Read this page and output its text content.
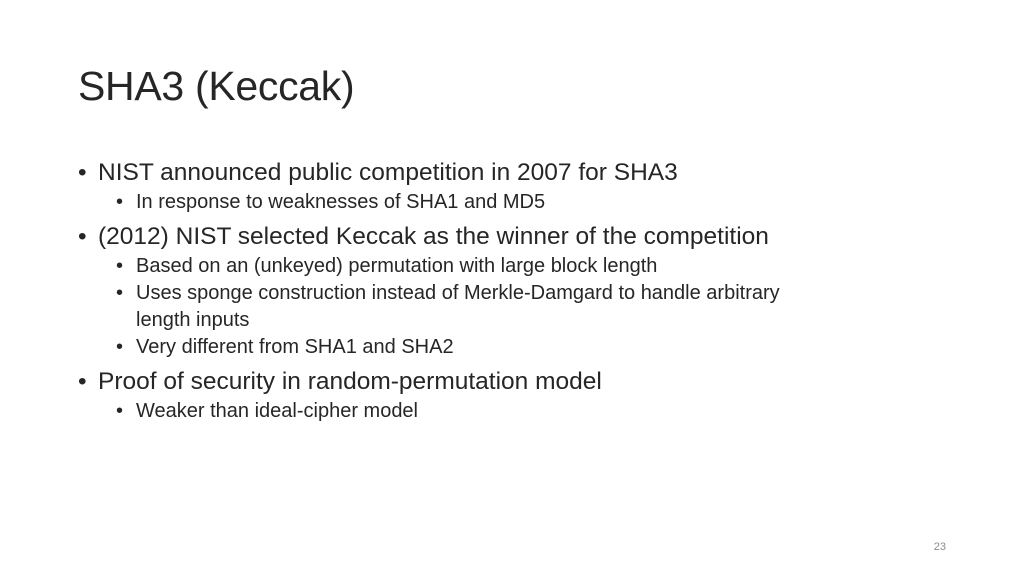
SHA3 (Keccak)
• NIST announced public competition in 2007 for SHA3
• In response to weaknesses of SHA1 and MD5
• (2012) NIST selected Keccak as the winner of the competition
• Based on an (unkeyed) permutation with large block length
• Uses sponge construction instead of Merkle-Damgard to handle arbitrary
length inputs
• Very different from SHA1 and SHA2
• Proof of security in random-permutation model
• Weaker than ideal-cipher model
23
